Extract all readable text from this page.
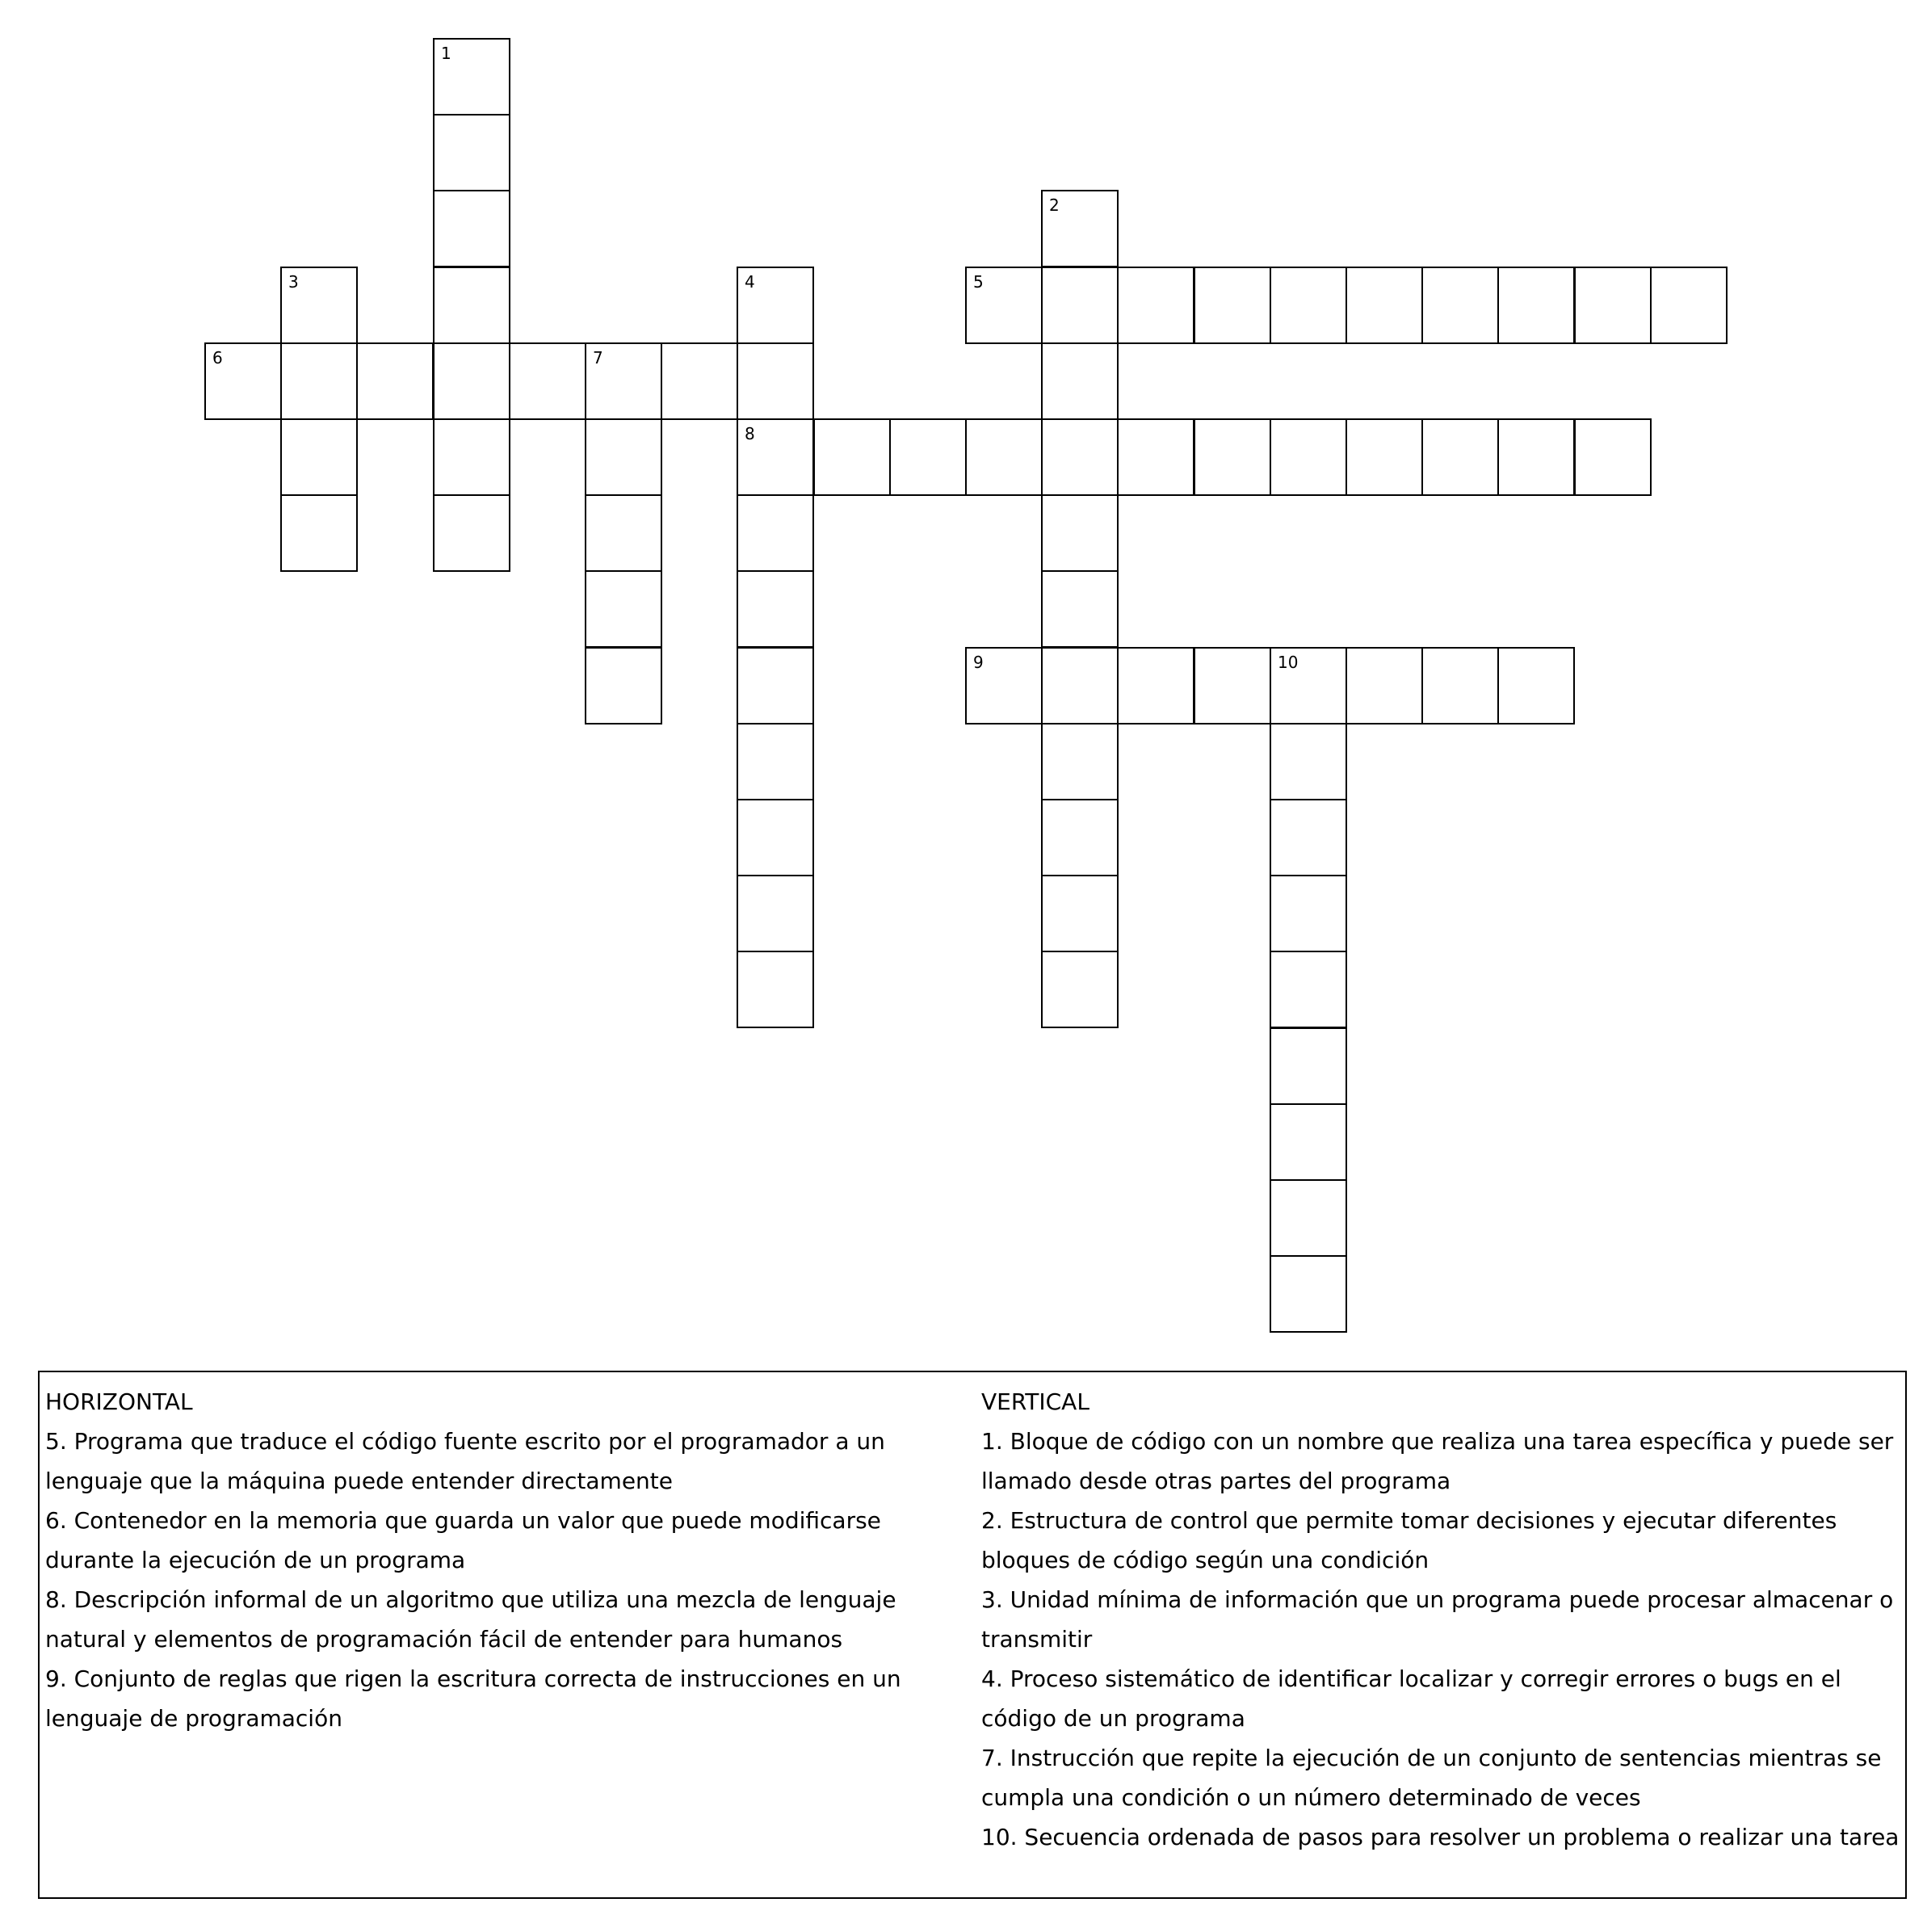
1
2
3	4
8
5
6	7
9	10
HORIZONTAL
5. Programa que traduce el código fuente escrito por el programador a un lenguaje que la máquina puede entender directamente
6. Contenedor en la memoria que guarda un valor que puede modificarse durante la ejecución de un programa
8. Descripción informal de un algoritmo que utiliza una mezcla de lenguaje natural y elementos de programación fácil de entender para humanos
9. Conjunto de reglas que rigen la escritura correcta de instrucciones en un lenguaje de programación
VERTICAL
1. Bloque de código con un nombre que realiza una tarea específica y puede ser llamado desde otras partes del programa
2. Estructura de control que permite tomar decisiones y ejecutar diferentes bloques de código según una condición
3. Unidad mínima de información que un programa puede procesar almacenar o transmitir
4. Proceso sistemático de identificar localizar y corregir errores o bugs en el código de un programa
7. Instrucción que repite la ejecución de un conjunto de sentencias mientras se cumpla una condición o un número determinado de veces
10. Secuencia ordenada de pasos para resolver un problema o realizar una tarea
